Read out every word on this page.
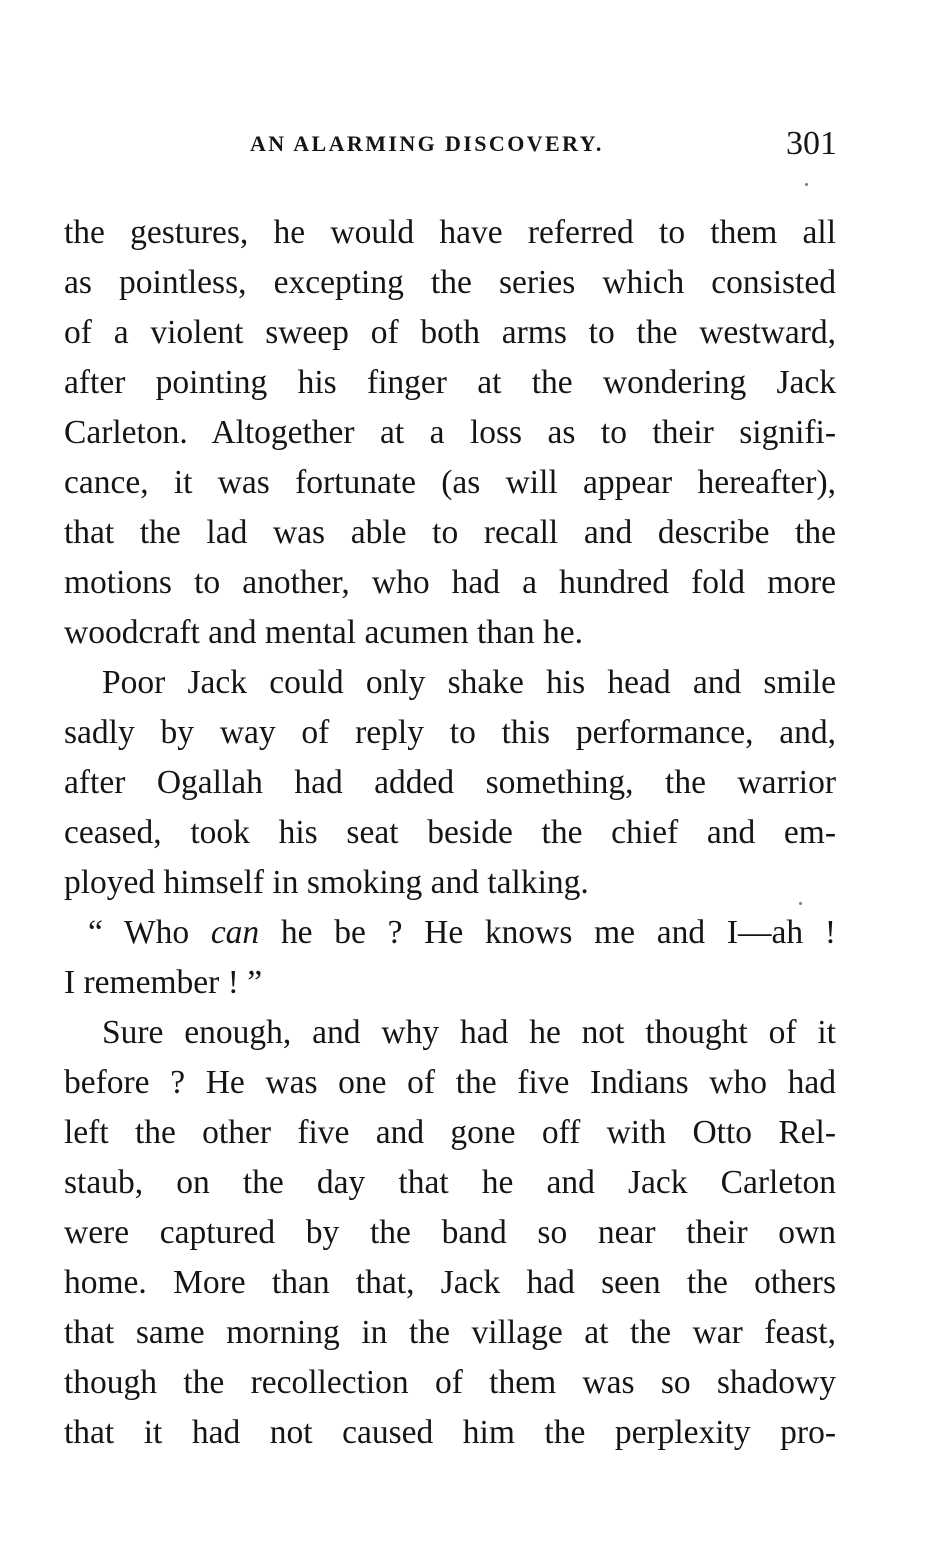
AN ALARMING DISCOVERY.	301
the gestures, he would have referred to them all
as pointless, excepting the series which consisted
of a violent sweep of both arms to the westward,
after pointing his finger at the wondering Jack
Carleton. Altogether at a loss as to their signifi-
cance, it was fortunate (as will appear hereafter),
that the lad was able to recall and describe the
motions to another, who had a hundred fold more
woodcraft and mental acumen than he.
Poor Jack could only shake his head and smile
sadly by way of reply to this performance, and,
after Ogallah had added something, the warrior
ceased, took his seat beside the chief and em-
ployed himself in smoking and talking.
“ Who can he be ? He knows me and I—ah !
I remember ! ”
Sure enough, and why had he not thought of it
before ? He was one of the five Indians who had
left the other five and gone off with Otto Rel-
staub, on the day that he and Jack Carleton
were captured by the band so near their own
home. More than that, Jack had seen the others
that same morning in the village at the war feast,
though the recollection of them was so shadowy
that it had not caused him the perplexity pro-
